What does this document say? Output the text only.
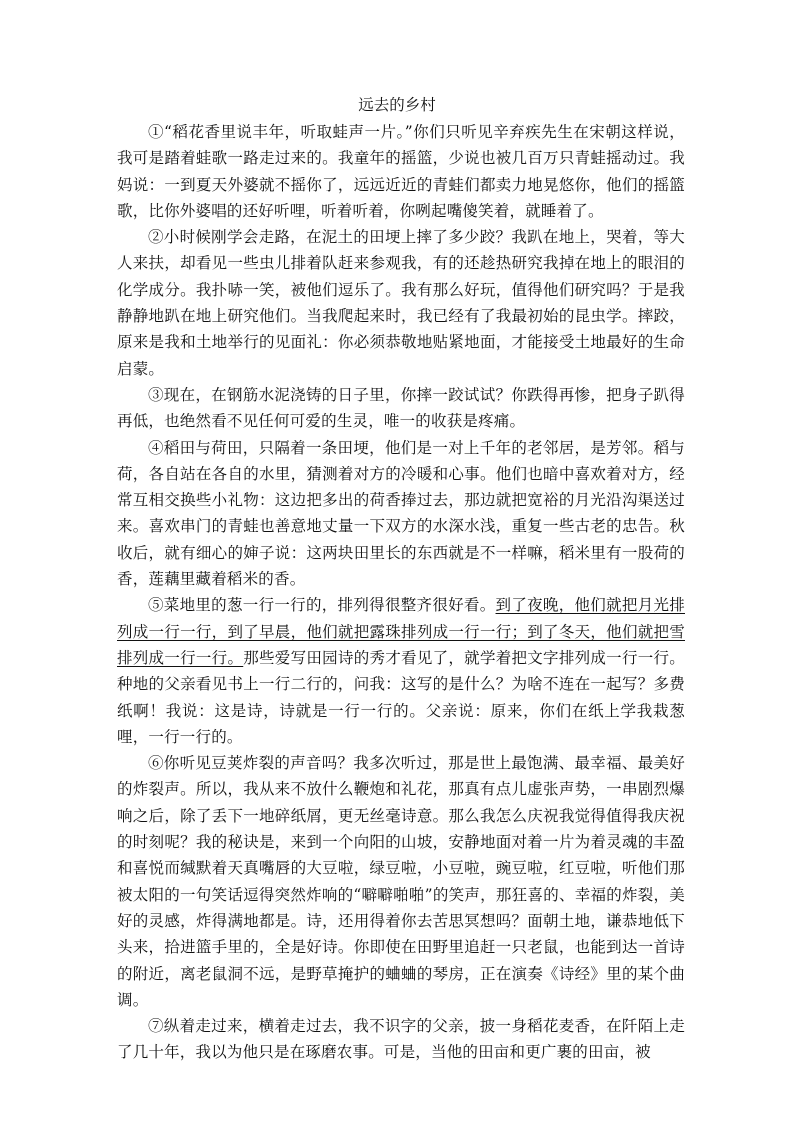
远去的乡村

①“稻花香里说丰年，听取蛙声一片。”你们只听见辛弃疾先生在宋朝这样说，我可是踏着蛙歌一路走过来的。我童年的摇篮，少说也被几百万只青蛙摇动过。我妈说：一到夏天外婆就不摇你了，远远近近的青蛙们都卖力地晃悠你，他们的摇篮歌，比你外婆唱的还好听哩，听着听着，你咧起嘴傻笑着，就睡着了。

②小时候刚学会走路，在泥土的田埂上摔了多少跤？我趴在地上，哭着，等大人来扶，却看见一些虫儿排着队赶来参观我，有的还趁热研究我掉在地上的眼泪的化学成分。我扑哧一笑，被他们逗乐了。我有那么好玩，值得他们研究吗？于是我静静地趴在地上研究他们。当我爬起来时，我已经有了我最初始的昆虫学。摔跤，原来是我和土地举行的见面礼：你必须恭敬地贴紧地面，才能接受土地最好的生命启蒙。

③现在，在钢筋水泥浇铸的日子里，你摔一跤试试？你跌得再惨，把身子趴得再低，也绝然看不见任何可爱的生灵，唯一的收获是疼痛。

④稻田与荷田，只隔着一条田埂，他们是一对上千年的老邻居，是芳邻。稻与荷，各自站在各自的水里，猜测着对方的冷暖和心事。他们也暗中喜欢着对方，经常互相交换些小礼物：这边把多出的荷香捧过去，那边就把宽裕的月光沿沟渠送过来。喜欢串门的青蛙也善意地丈量一下双方的水深水浅，重复一些古老的忠告。秋收后，就有细心的婶子说：这两块田里长的东西就是不一样嘛，稻米里有一股荷的香，莲藕里藏着稻米的香。

⑤菜地里的葱一行一行的，排列得很整齐很好看。到了夜晚，他们就把月光排列成一行一行，到了早晨，他们就把露珠排列成一行一行；到了冬天，他们就把雪排列成一行一行。那些爱写田园诗的秀才看见了，就学着把文字排列成一行一行。种地的父亲看见书上一行二行的，问我：这写的是什么？为啥不连在一起写？多费纸啊！我说：这是诗，诗就是一行一行的。父亲说：原来，你们在纸上学我栽葱哩，一行一行的。

⑥你听见豆荚炸裂的声音吗？我多次听过，那是世上最饱满、最幸福、最美好的炸裂声。所以，我从来不放什么鞭炮和礼花，那真有点儿虚张声势，一串剧烈爆响之后，除了丢下一地碎纸屑，更无丝毫诗意。那么我怎么庆祝我觉得值得我庆祝的时刻呢？我的秘诀是，来到一个向阳的山坡，安静地面对着一片为着灵魂的丰盈和喜悦而缄默着天真嘴唇的大豆啦，绿豆啦，小豆啦，豌豆啦，红豆啦，听他们那被太阳的一句笑话逗得突然炸响的“噼噼啪啪”的笑声，那狂喜的、幸福的炸裂，美好的灵感，炸得满地都是。诗，还用得着你去苦思冥想吗？面朝土地，谦恭地低下头来，拾进篮手里的，全是好诗。你即使在田野里追赶一只老鼠，也能到达一首诗的附近，离老鼠洞不远，是野草掩护的蛐蛐的琴房，正在演奏《诗经》里的某个曲调。

⑦纵着走过来，横着走过去，我不识字的父亲，披一身稻花麦香，在阡陌上走了几十年，我以为他只是在琢磨农事。可是，当他的田亩和更广裹的田亩，被
